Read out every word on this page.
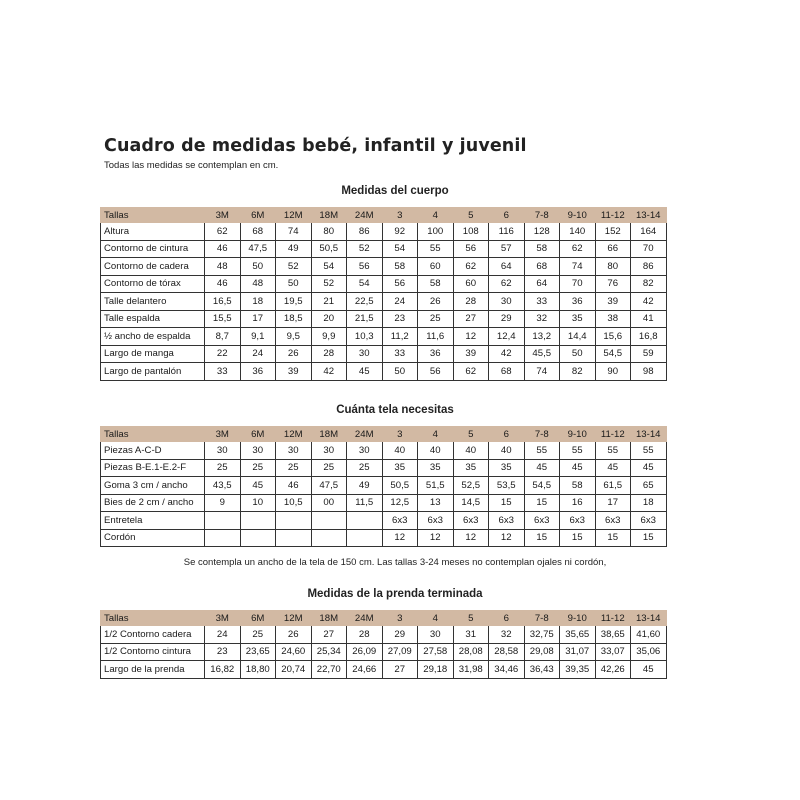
Cuadro de medidas bebé, infantil y juvenil
Todas las medidas se contemplan en cm.
Medidas del cuerpo
Tallas	3M	6M	12M	18M	24M	3	4	5	6	7-8	9-10	11-12	13-14
Altura	62	68	74	80	86	92	100	108	116	128	140	152	164
Contorno de cintura	46	47,5	49	50,5	52	54	55	56	57	58	62	66	70
Contorno de cadera	48	50	52	54	56	58	60	62	64	68	74	80	86
Contorno de tórax	46	48	50	52	54	56	58	60	62	64	70	76	82
Talle delantero	16,5	18	19,5	21	22,5	24	26	28	30	33	36	39	42
Talle espalda	15,5	17	18,5	20	21,5	23	25	27	29	32	35	38	41
½ ancho de espalda	8,7	9,1	9,5	9,9	10,3	11,2	11,6	12	12,4	13,2	14,4	15,6	16,8
Largo de manga	22	24	26	28	30	33	36	39	42	45,5	50	54,5	59
Largo de pantalón	33	36	39	42	45	50	56	62	68	74	82	90	98
Cuánta tela necesitas
Tallas	3M	6M	12M	18M	24M	3	4	5	6	7-8	9-10	11-12	13-14
Piezas A-C-D	30	30	30	30	30	40	40	40	40	55	55	55	55
Piezas B-E.1-E.2-F	25	25	25	25	25	35	35	35	35	45	45	45	45
Goma 3 cm / ancho	43,5	45	46	47,5	49	50,5	51,5	52,5	53,5	54,5	58	61,5	65
Bies de 2 cm / ancho	9	10	10,5	00	11,5	12,5	13	14,5	15	15	16	17	18
Entretela						6x3	6x3	6x3	6x3	6x3	6x3	6x3	6x3
Cordón						12	12	12	12	15	15	15	15
Se contempla un ancho de la tela de 150 cm. Las tallas 3-24 meses no contemplan ojales ni cordón,
Medidas de la prenda terminada
Tallas	3M	6M	12M	18M	24M	3	4	5	6	7-8	9-10	11-12	13-14
1/2 Contorno cadera	24	25	26	27	28	29	30	31	32	32,75	35,65	38,65	41,60
1/2 Contorno cintura	23	23,65	24,60	25,34	26,09	27,09	27,58	28,08	28,58	29,08	31,07	33,07	35,06
Largo de la prenda	16,82	18,80	20,74	22,70	24,66	27	29,18	31,98	34,46	36,43	39,35	42,26	45
